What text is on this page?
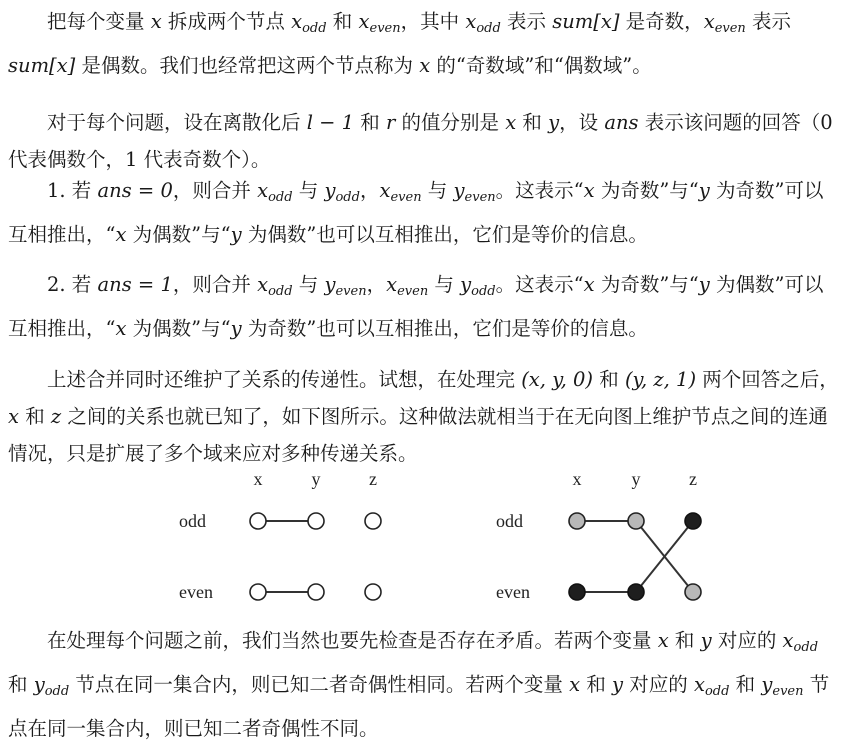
把每个变量 x 拆成两个节点 $x_{odd}$ 和 $x_{even}$，其中 $x_{odd}$ 表示 sum[x] 是奇数，$x_{even}$ 表示 sum[x] 是偶数。我们也经常把这两个节点称为 x 的“奇数域”和“偶数域”。

对于每个问题，设在离散化后 l − 1 和 r 的值分别是 x 和 y，设 ans 表示该问题的回答（0 代表偶数个，1 代表奇数个）。

1. 若 ans = 0，则合并 $x_{odd}$ 与 $y_{odd}$，$x_{even}$ 与 $y_{even}$。这表示“x 为奇数”与“y 为奇数”可以互相推出，“x 为偶数”与“y 为偶数”也可以互相推出，它们是等价的信息。

2. 若 ans = 1，则合并 $x_{odd}$ 与 $y_{even}$，$x_{even}$ 与 $y_{odd}$。这表示“x 为奇数”与“y 为偶数”可以互相推出，“x 为偶数”与“y 为奇数”也可以互相推出，它们是等价的信息。

上述合并同时还维护了关系的传递性。试想，在处理完 (x, y, 0) 和 (y, z, 1) 两个回答之后，x 和 z 之间的关系也就已知了，如下图所示。这种做法就相当于在无向图上维护节点之间的连通情况，只是扩展了多个域来应对多种传递关系。

x	y	z
odd
even
x	y	z
odd
even

在处理每个问题之前，我们当然也要先检查是否存在矛盾。若两个变量 x 和 y 对应的 $x_{odd}$ 和 $y_{odd}$ 节点在同一集合内，则已知二者奇偶性相同。若两个变量 x 和 y 对应的 $x_{odd}$ 和 $y_{even}$ 节点在同一集合内，则已知二者奇偶性不同。
